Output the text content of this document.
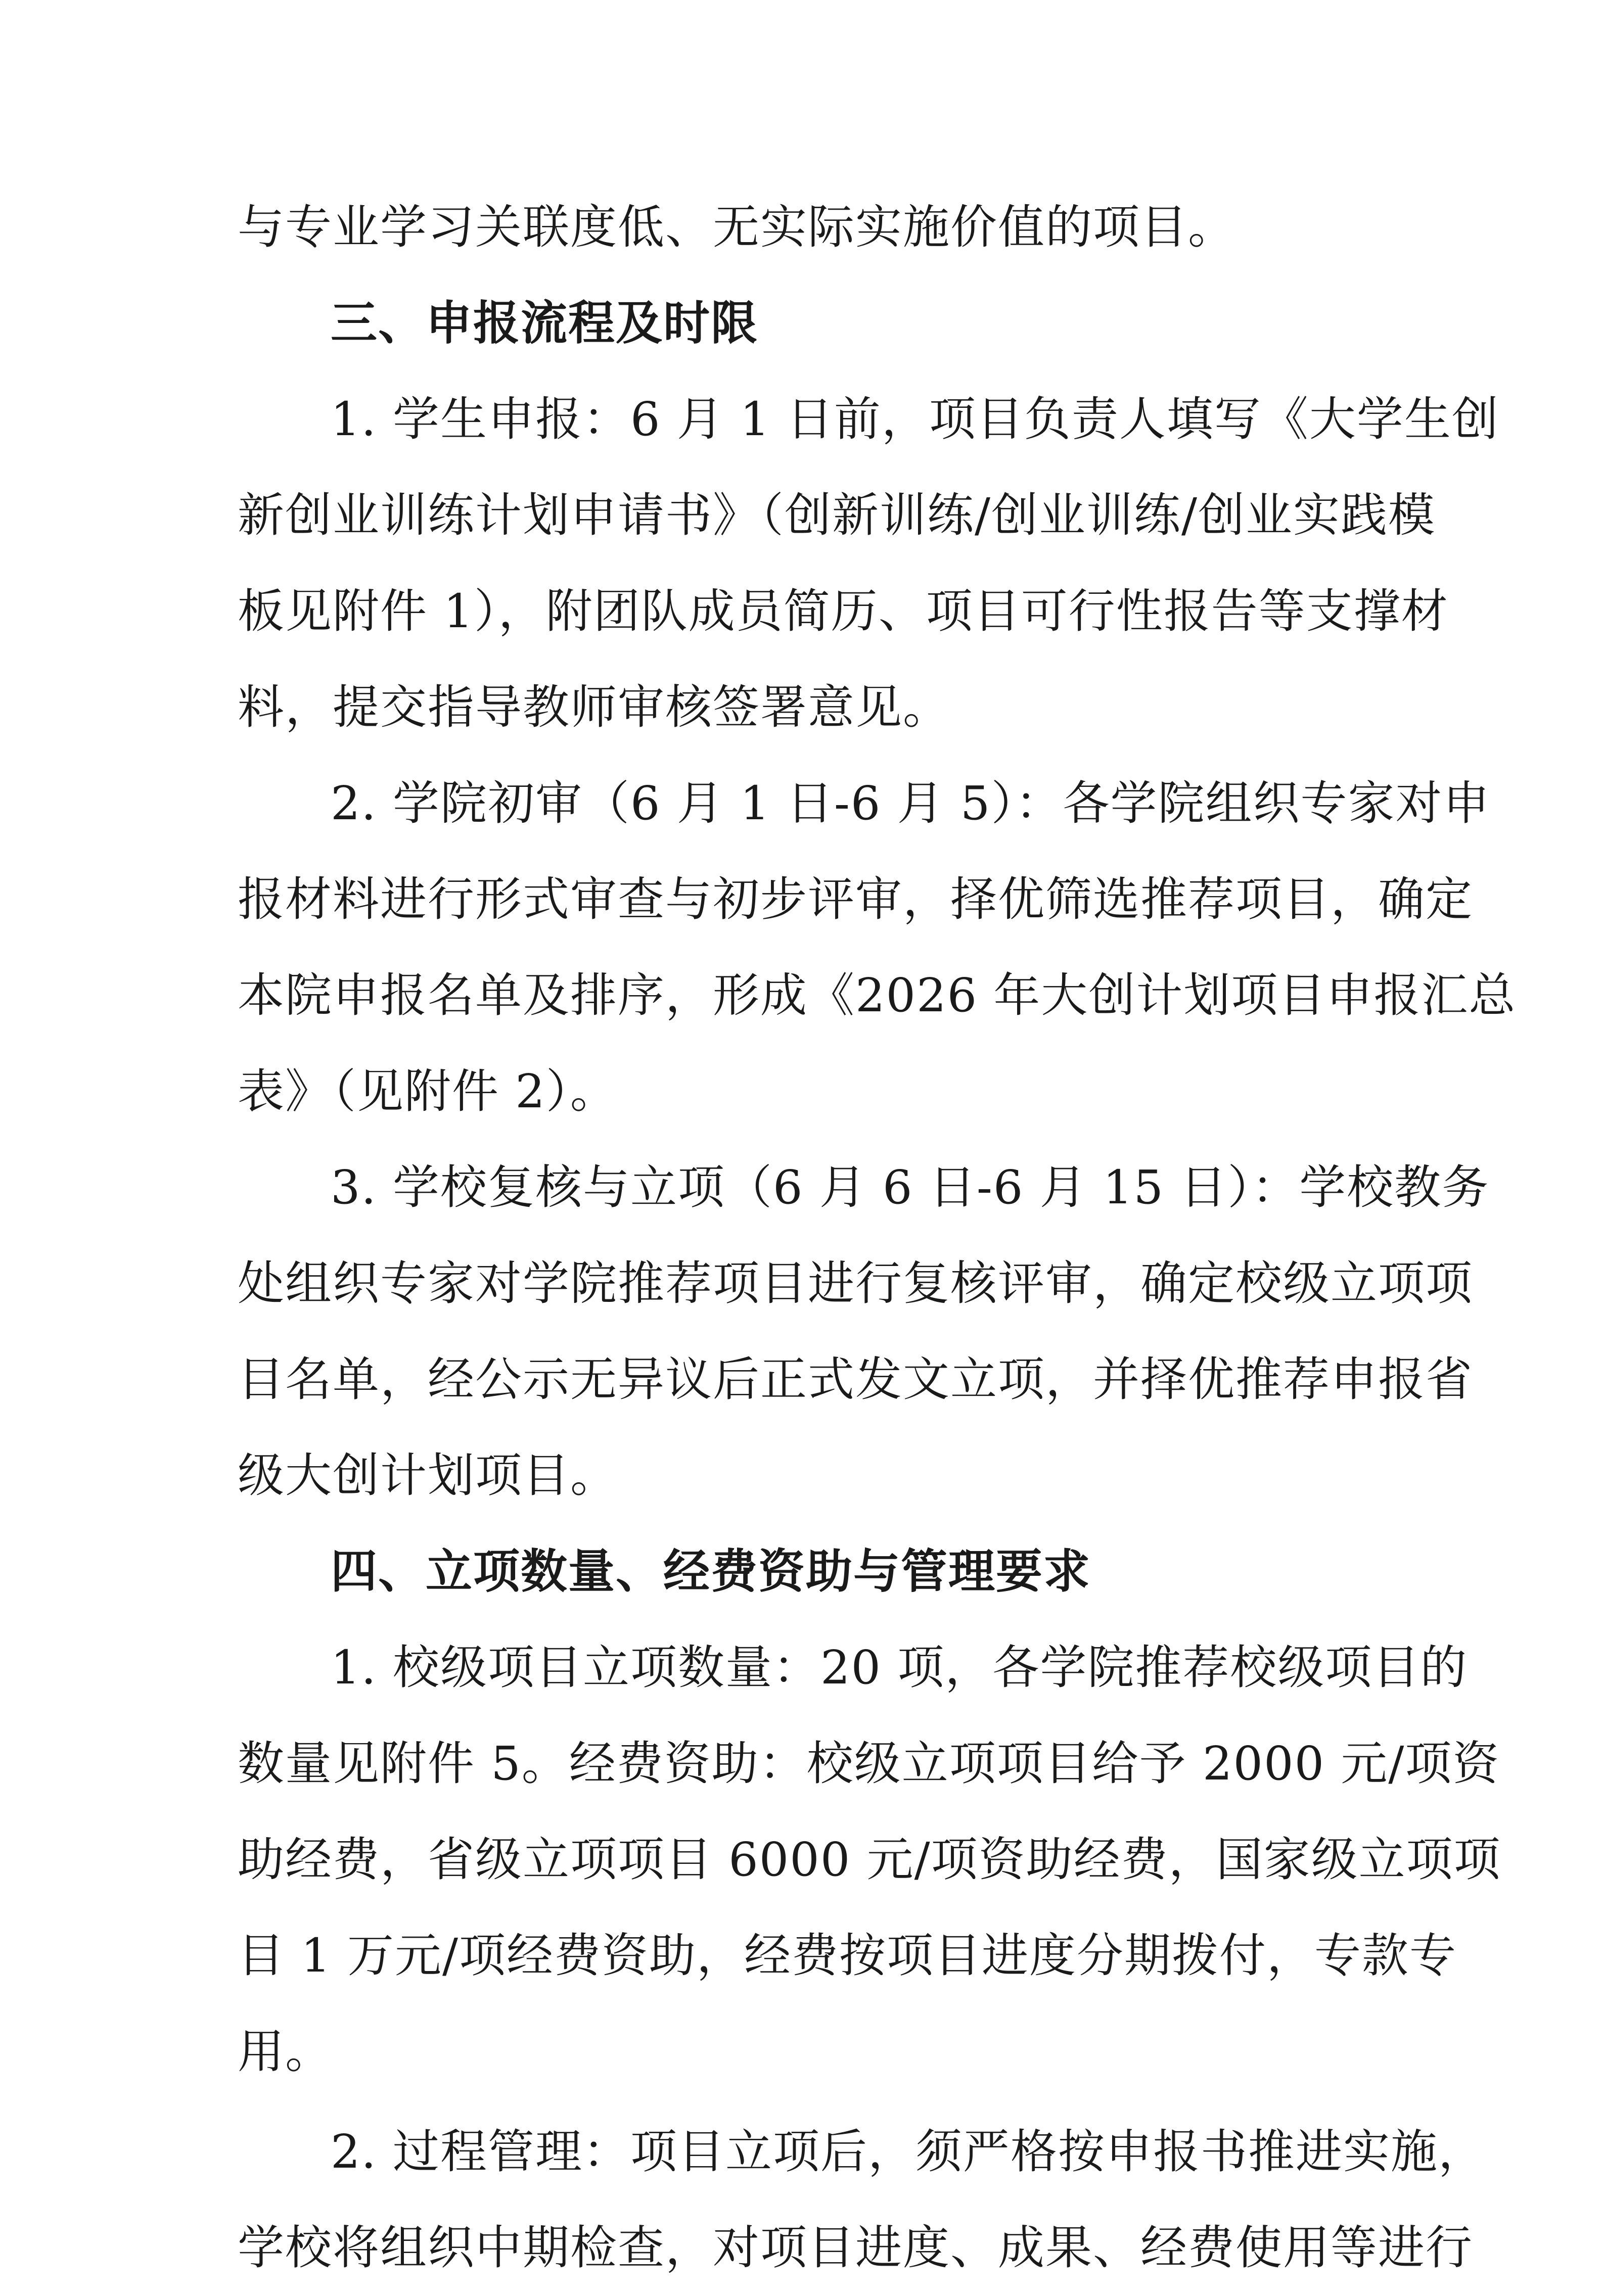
与专业学习关联度低、无实际实施价值的项目。
三、申报流程及时限
1. 学生申报：6 月 1 日前，项目负责人填写《大学生创
新创业训练计划申请书》（创新训练/创业训练/创业实践模
板见附件 1），附团队成员简历、项目可行性报告等支撑材
料，提交指导教师审核签署意见。
2. 学院初审（6 月 1 日-6 月 5）：各学院组织专家对申
报材料进行形式审查与初步评审，择优筛选推荐项目，确定
本院申报名单及排序，形成《2026 年大创计划项目申报汇总
表》（见附件 2）。
3. 学校复核与立项（6 月 6 日-6 月 15 日）：学校教务
处组织专家对学院推荐项目进行复核评审，确定校级立项项
目名单，经公示无异议后正式发文立项，并择优推荐申报省
级大创计划项目。
四、立项数量、经费资助与管理要求
1. 校级项目立项数量：20 项，各学院推荐校级项目的
数量见附件 5。经费资助：校级立项项目给予 2000 元/项资
助经费，省级立项项目 6000 元/项资助经费，国家级立项项
目 1 万元/项经费资助，经费按项目进度分期拨付，专款专
用。
2. 过程管理：项目立项后，须严格按申报书推进实施，
学校将组织中期检查，对项目进度、成果、经费使用等进行
